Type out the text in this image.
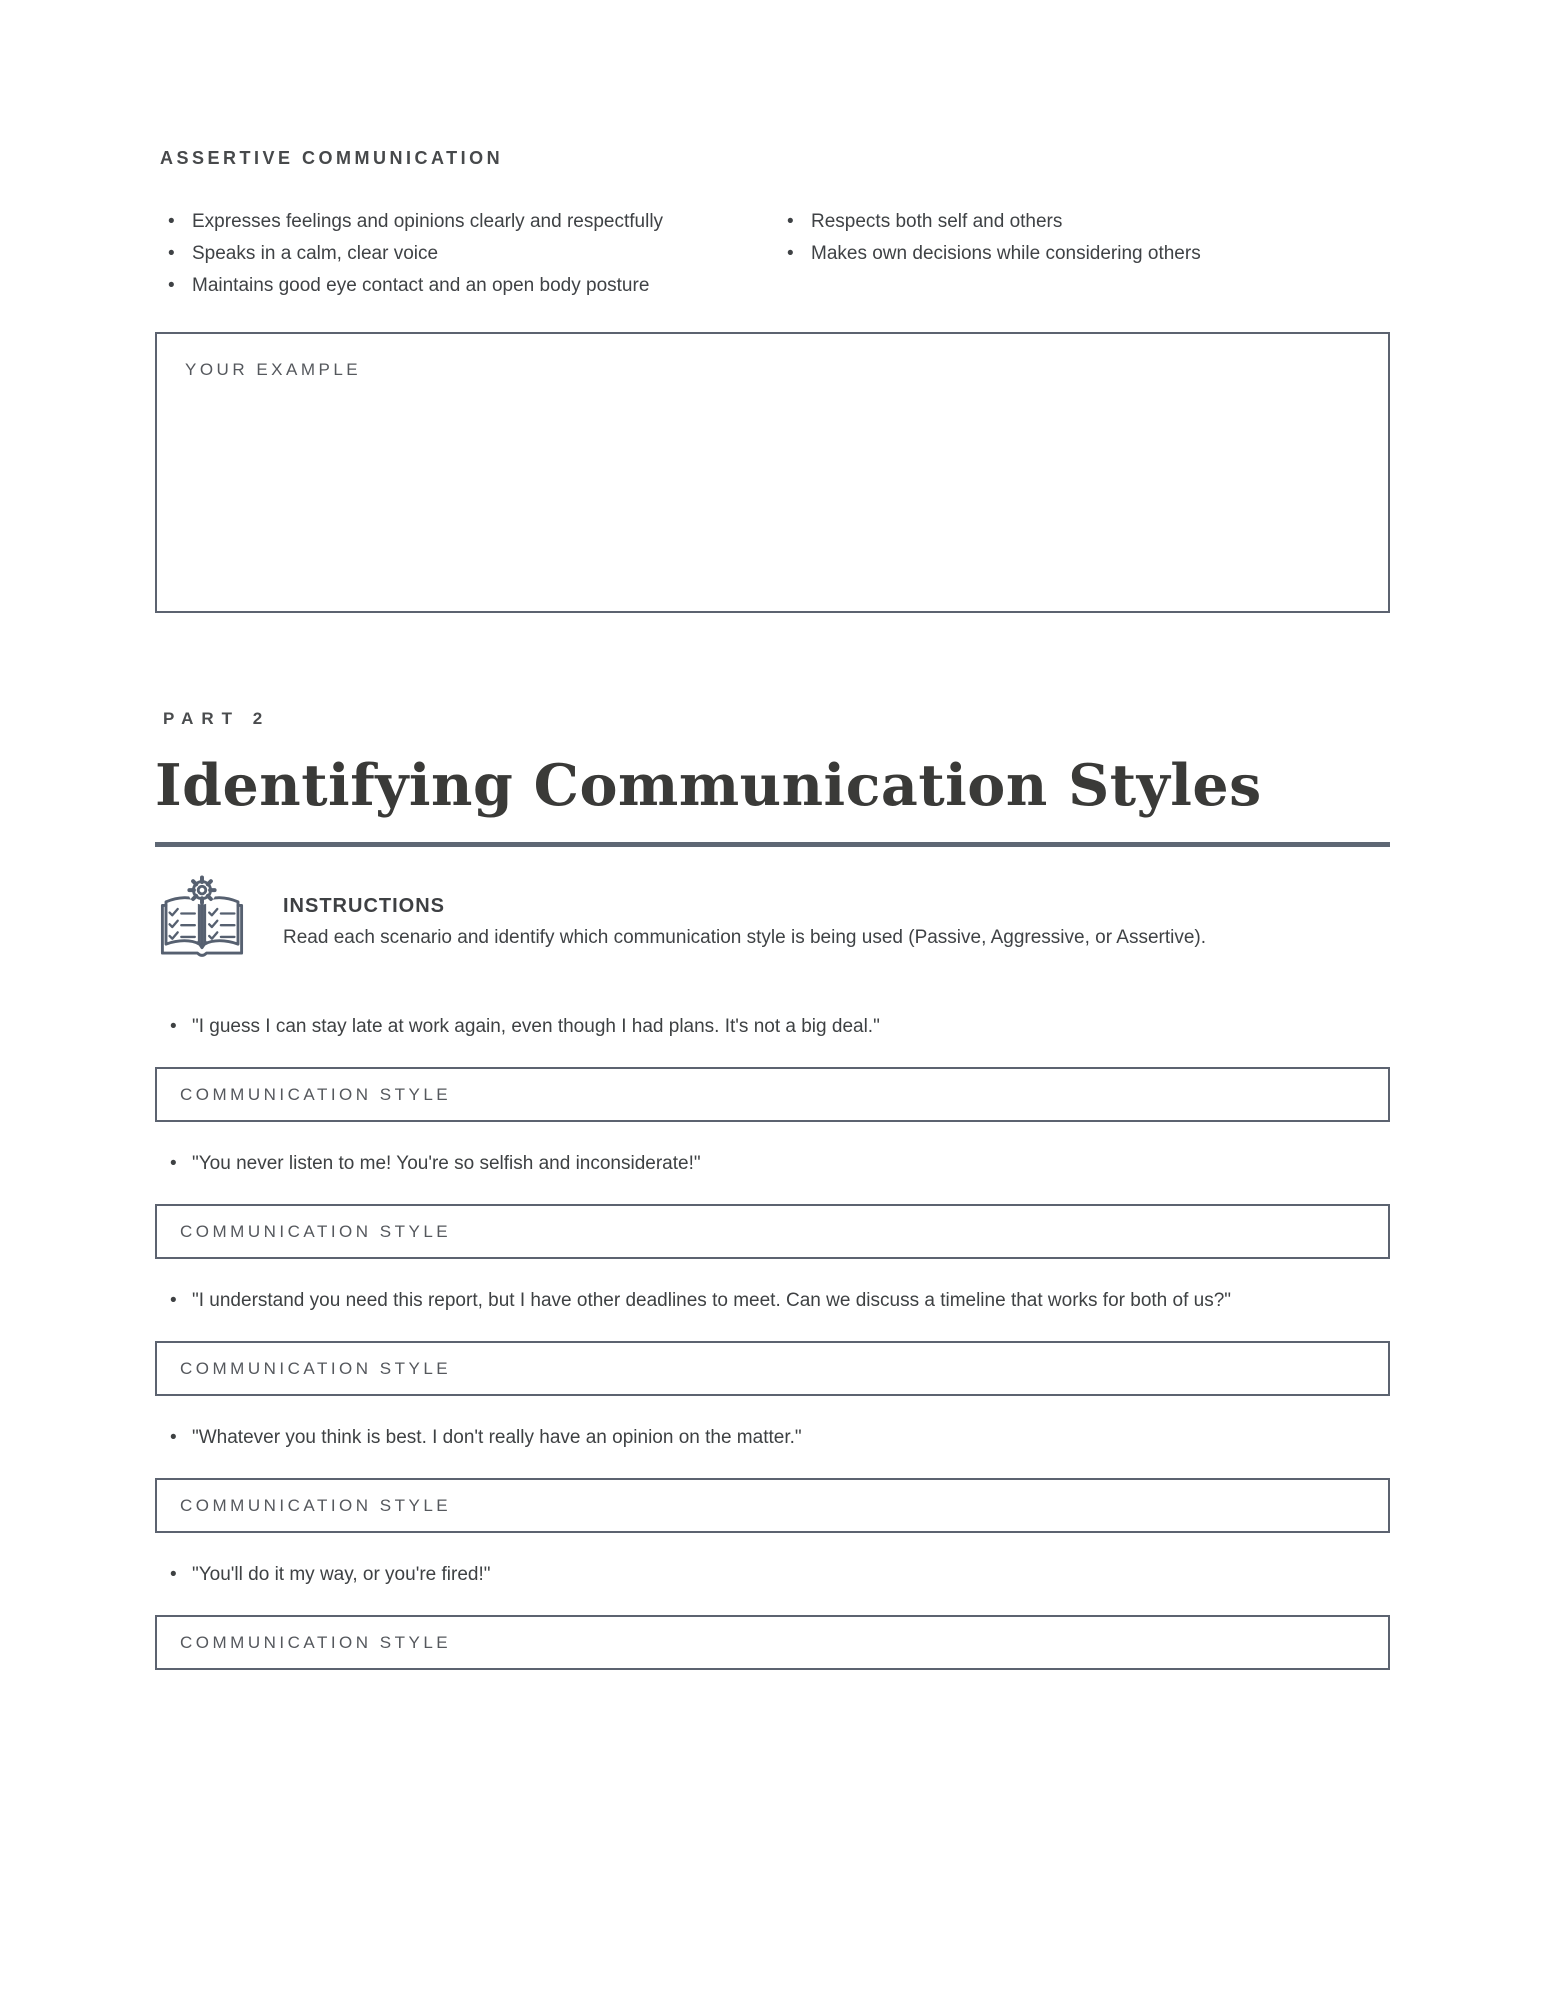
ASSERTIVE COMMUNICATION
• Expresses feelings and opinions clearly and respectfully
• Speaks in a calm, clear voice
• Maintains good eye contact and an open body posture
• Respects both self and others
• Makes own decisions while considering others
YOUR EXAMPLE
PART 2
Identifying Communication Styles
INSTRUCTIONS
Read each scenario and identify which communication style is being used (Passive, Aggressive, or Assertive).
• "I guess I can stay late at work again, even though I had plans. It's not a big deal."
COMMUNICATION STYLE
• "You never listen to me! You're so selfish and inconsiderate!"
COMMUNICATION STYLE
• "I understand you need this report, but I have other deadlines to meet. Can we discuss a timeline that works for both of us?"
COMMUNICATION STYLE
• "Whatever you think is best. I don't really have an opinion on the matter."
COMMUNICATION STYLE
• "You'll do it my way, or you're fired!"
COMMUNICATION STYLE
